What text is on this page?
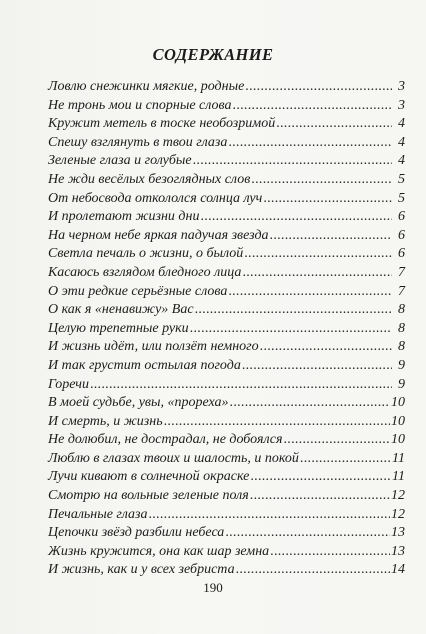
СОДЕРЖАНИЕ
Ловлю снежинки мягкие, родные .....	3
Не тронь мои и спорные слова .....	3
Кружит метель в тоске необозримой .....	4
Спешу взглянуть в твои глаза .....	4
Зеленые глаза и голубые .....	4
Не жди весёлых безоглядных слов .....	5
От небосвода откололся солнца луч .....	5
И пролетают жизни дни .....	6
На черном небе яркая падучая звезда .....	6
Светла печаль о жизни, о былой .....	6
Касаюсь взглядом бледного лица .....	7
О эти редкие серьёзные слова .....	7
О как я «ненавижу» Вас .....	8
Целую трепетные руки .....	8
И жизнь идёт, или ползёт немного .....	8
И так грустит остылая погода .....	9
Горечи .....	9
В моей судьбе, увы, «прореха» .....	10
И смерть, и жизнь .....	10
Не долюбил, не дострадал, не добоялся .....	10
Люблю в глазах твоих и шалость, и покой .....	11
Лучи кивают в солнечной окраске .....	11
Смотрю на вольные зеленые поля .....	12
Печальные глаза .....	12
Цепочки звёзд разбили небеса .....	13
Жизнь кружится, она как шар земна .....	13
И жизнь, как и у всех зебриста .....	14
190
